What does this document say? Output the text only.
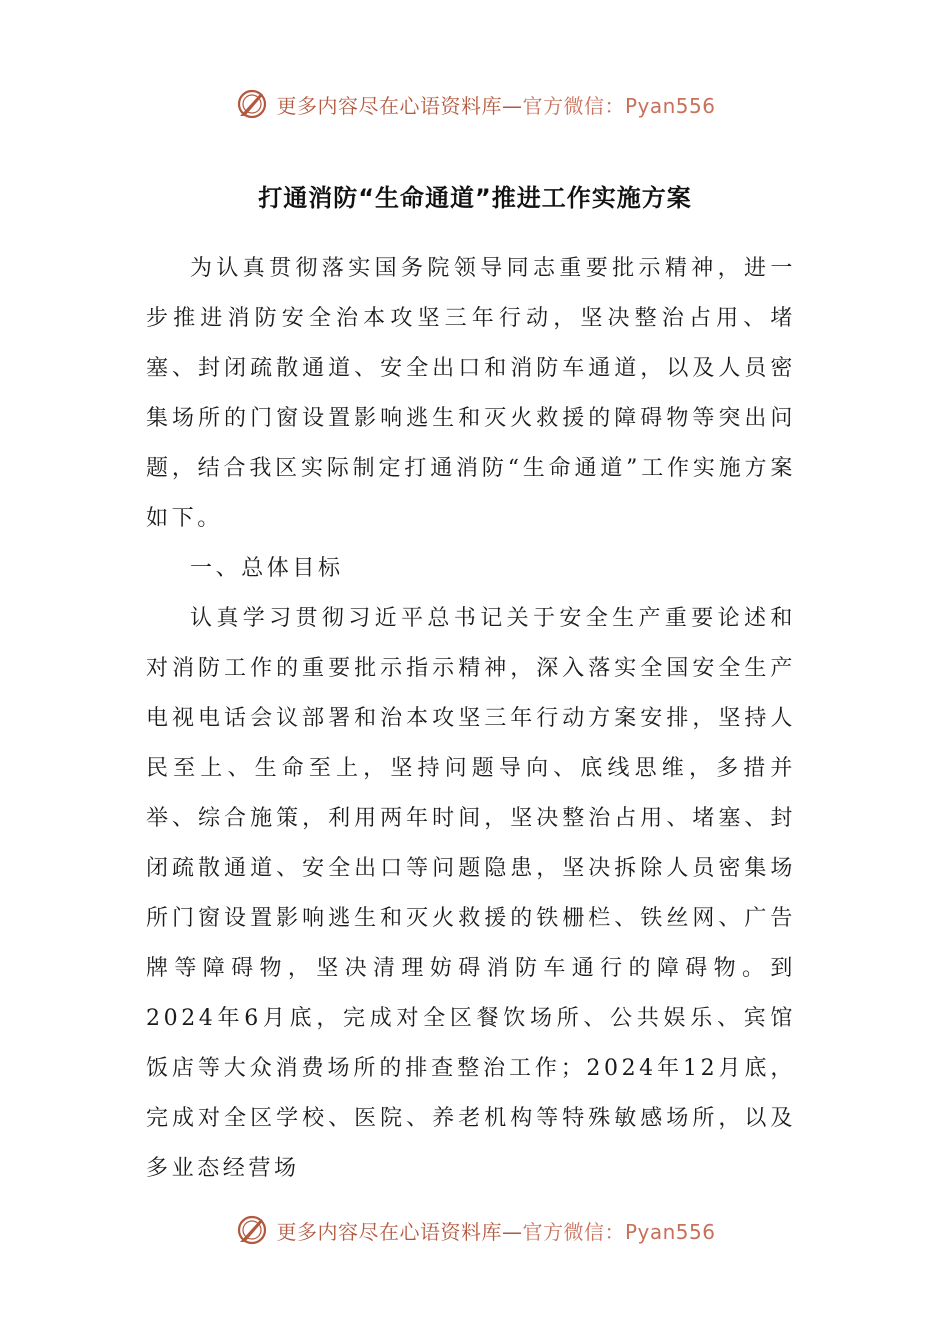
更多内容尽在心语资料库—官方微信：Pyan556
打通消防“生命通道”推进工作实施方案

为认真贯彻落实国务院领导同志重要批示精神，进一步推进消防安全治本攻坚三年行动，坚决整治占用、堵塞、封闭疏散通道、安全出口和消防车通道，以及人员密集场所的门窗设置影响逃生和灭火救援的障碍物等突出问题，结合我区实际制定打通消防“生命通道”工作实施方案如下。

一、总体目标

认真学习贯彻习近平总书记关于安全生产重要论述和对消防工作的重要批示指示精神，深入落实全国安全生产电视电话会议部署和治本攻坚三年行动方案安排，坚持人民至上、生命至上，坚持问题导向、底线思维，多措并举、综合施策，利用两年时间，坚决整治占用、堵塞、封闭疏散通道、安全出口等问题隐患，坚决拆除人员密集场所门窗设置影响逃生和灭火救援的铁栅栏、铁丝网、广告牌等障碍物，坚决清理妨碍消防车通行的障碍物。到2024年6月底，完成对全区餐饮场所、公共娱乐、宾馆饭店等大众消费场所的排查整治工作；2024年12月底，完成对全区学校、医院、养老机构等特殊敏感场所，以及多业态经营场

更多内容尽在心语资料库—官方微信：Pyan556
